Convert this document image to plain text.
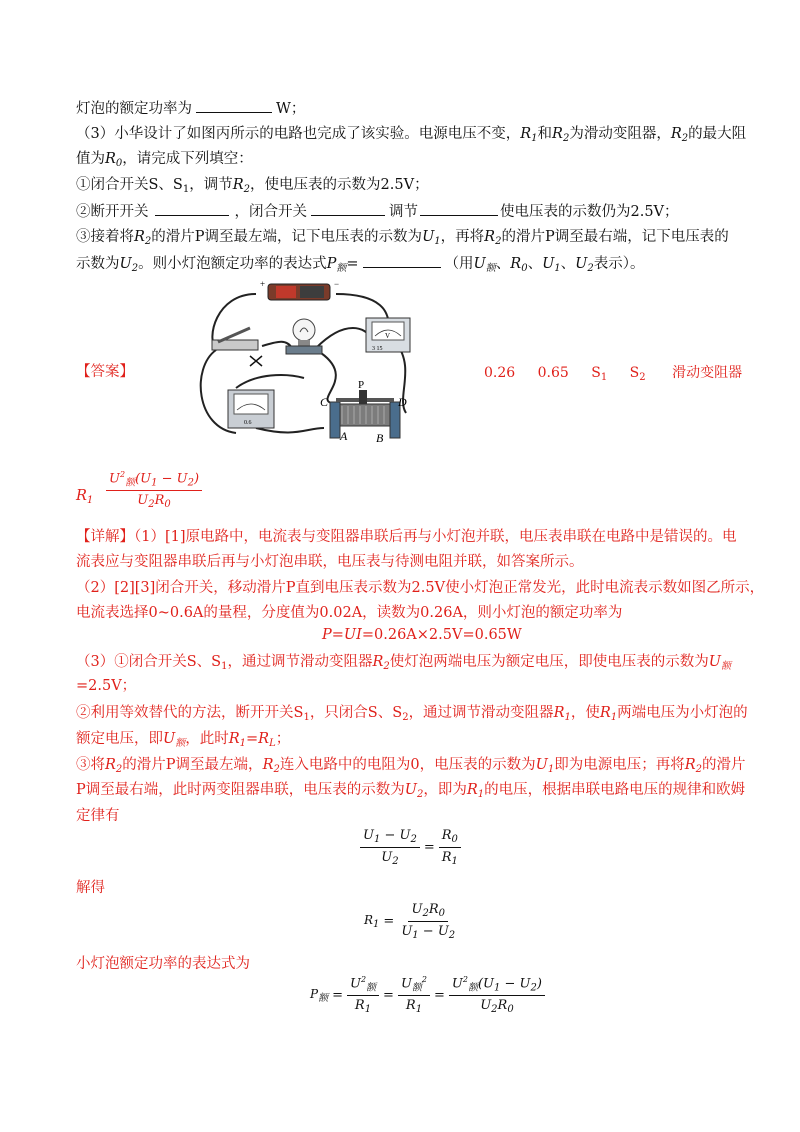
灯泡的额定功率为	W；
（3）小华设计了如图丙所示的电路也完成了该实验。电源电压不变，$R_1$和$R_2$为滑动变阻器，$R_2$的最大阻
值为$R_0$，请完成下列填空：
①闭合开关S、$S_1$，调节$R_2$，使电压表的示数为2.5V；
②断开开关	，闭合开关	调节	使电压表的示数仍为2.5V；
③接着将$R_2$的滑片P调至最左端，记下电压表的示数为$U_1$，再将$R_2$的滑片P调至最右端，记下电压表的
示数为$U_2$。则小灯泡额定功率的表达式$P_额=$	（用$U_额$、$R_0$、$U_1$、$U_2$表示）。
+	−
V
3 15
0.6
C
P
D
A B
【答案】	0.26 0.65 $S_1$ $S_2$ 滑动变阻器
$R_1 \frac{U^2_额(U_1 - U_2)}{U_2R_0}$
【详解】（1）[1]原电路中，电流表与变阻器串联后再与小灯泡并联，电压表串联在电路中是错误的。电
流表应与变阻器串联后再与小灯泡串联，电压表与待测电阻并联，如答案所示。
（2）[2][3]闭合开关，移动滑片P直到电压表示数为2.5V使小灯泡正常发光，此时电流表示数如图乙所示，
电流表选择0~0.6A的量程，分度值为0.02A，读数为0.26A，则小灯泡的额定功率为
P=UI=0.26A×2.5V=0.65W
（3）①闭合开关S、$S_1$，通过调节滑动变阻器$R_2$使灯泡两端电压为额定电压，即使电压表的示数为$U_额$
=2.5V；
②利用等效替代的方法，断开开关$S_1$，只闭合S、$S_2$，通过调节滑动变阻器$R_1$，使$R_1$两端电压为小灯泡的
额定电压，即$U_额$，此时$R_1=R_L$；
③将$R_2$的滑片P调至最左端，$R_2$连入电路中的电阻为0，电压表的示数为$U_1$即为电源电压；再将$R_2$的滑片
P调至最右端，此时两变阻器串联，电压表的示数为$U_2$，即为$R_1$的电压，根据串联电路电压的规律和欧姆
定律有
$\frac{U_1 - U_2}{U_2} = \frac{R_0}{R_1}$
解得
$R_1 = \frac{U_2R_0}{U_1 - U_2}$
小灯泡额定功率的表达式为
$P_额 = \frac{U^2_额}{R_1} = \frac{U_额^2}{R_1} = \frac{U^2_额(U_1 - U_2)}{U_2R_0}$
